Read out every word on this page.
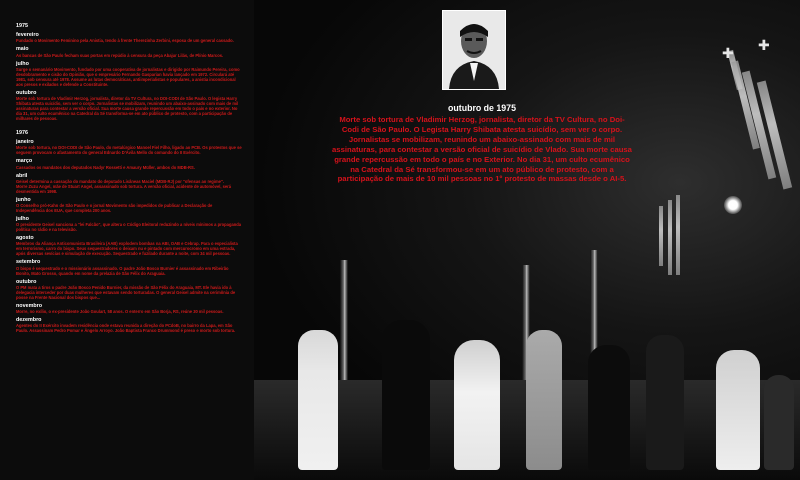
1975
fevereiro
Fundado o Movimento Feminino pela Anistia, tendo à frente Therezinha Zerbini, esposa de um general cassado.
maio
As bancas de São Paulo fecham suas portas em repúdio à censura da peça Abajur Lilás, de Plínio Marcos.
julho
Surge o semanário Movimento, fundado por uma cooperativa de jornalistas e dirigido por Raimundo Pereira, como desdobramento e cisão do Opinião, que o empresário Fernando Gasparian havia lançado em 1972. Circulará até 1981, sob censura até 1978. Assume as lutas democráticas, antiimperialistas e populares, a anistia incondicional aos presos e exilados e defende a Constituinte.
outubro
Morte sob tortura de Vladimir Herzog, jornalista, diretor da TV Cultura, no DOI-CODI de São Paulo. O legista Harry Shibata atesta suicídio, sem ver o corpo. Jornalistas se mobilizam, reunindo um abaixo-assinado com mais de mil assinaturas para contestar a versão oficial. Sua morte causa grande repercussão em todo o país e no exterior. No dia 31, um culto ecumênico na Catedral da Sé transforma-se em ato público de protesto, com a participação de milhares de pessoas.
1976
janeiro
Morte sob tortura, no DOI-CODI de São Paulo, do metalúrgico Manoel Fiel Filho, ligado ao PCB. Os protestos que se seguem provocam o afastamento do general Ednardo D'Ávila Mello do comando do II Exército.
março
Cassados os mandatos dos deputados Nadyr Rossetti e Amaury Müller, ambos do MDB-RS.
abril
Geisel determina a cassação do mandato do deputado Lisâneas Maciel (MDB-RJ) por "ofensas ao regime".
Morre Zuzu Angel, mãe de Stuart Angel, assassinado sob tortura. A versão oficial, acidente de automóvel, será desmentida em 1998.
junho
O Conselho pró-Kahn de São Paulo e o jornal Movimento são impedidos de publicar a Declaração de Independência dos EUA, que completa 200 anos.
julho
O presidente Geisel sanciona a "lei Falcão", que altera o Código Eleitoral reduzindo a níveis mínimos a propaganda política no rádio e na televisão.
agosto
Membros da Aliança Anticomunista Brasileira (AAB) explodem bombas na ABI, OAB e Cebrap. Para o especialista em terrorismo, carro do bispo. Seus sequestradores o deixam nu e pintado com mercurocromo em uma estrada, após diversas sevícias e simulação de execução. Sequestrado e fuzilado durante a noite, com 34 mil pessoas.
setembro
O bispo é sequestrado e o missionário assassinado. O padre João Bosco Burnier é assassinado em Ribeirão Bonito, Mato Grosso, quando em nome da prelazia de São Félix do Araguaia.
outubro
O PM mata a tiros o padre João Bosco Penido Burnier, da missão de São Félix do Araguaia, MT. Ele havia ido à delegacia interceder por duas mulheres que estavam sendo torturadas. O general Geisel admite na cerimônia de posse na Frente Nacional dos bispos que...
novembro
Morre, no exílio, o ex-presidente João Goulart, 58 anos. O enterro em São Borja, RS, reúne 30 mil pessoas.
dezembro
Agentes do II Exército invadem residência onde estava reunida a direção do PCdoB, no bairro da Lapa, em São Paulo. Assassinam Pedro Pomar e Ângelo Arroyo. João Baptista Franco Drummond é preso e morto sob tortura.
✚ ✚
outubro de 1975
Morte sob tortura de Vladimir Herzog, jornalista, diretor da TV Cultura, no Doi-Codi de São Paulo. O Legista Harry Shibata atesta suicídio, sem ver o corpo. Jornalistas se mobilizam, reunindo um abaixo-assinado com mais de mil assinaturas, para contestar a versão oficial de suicídio de Vlado. Sua morte causa grande repercussão em todo o país e no Exterior. No dia 31, um culto ecumênico na Catedral da Sé transformou-se em um ato público de protesto, com a participação de mais de 10 mil pessoas no 1º protesto de massas desde o AI-5.
